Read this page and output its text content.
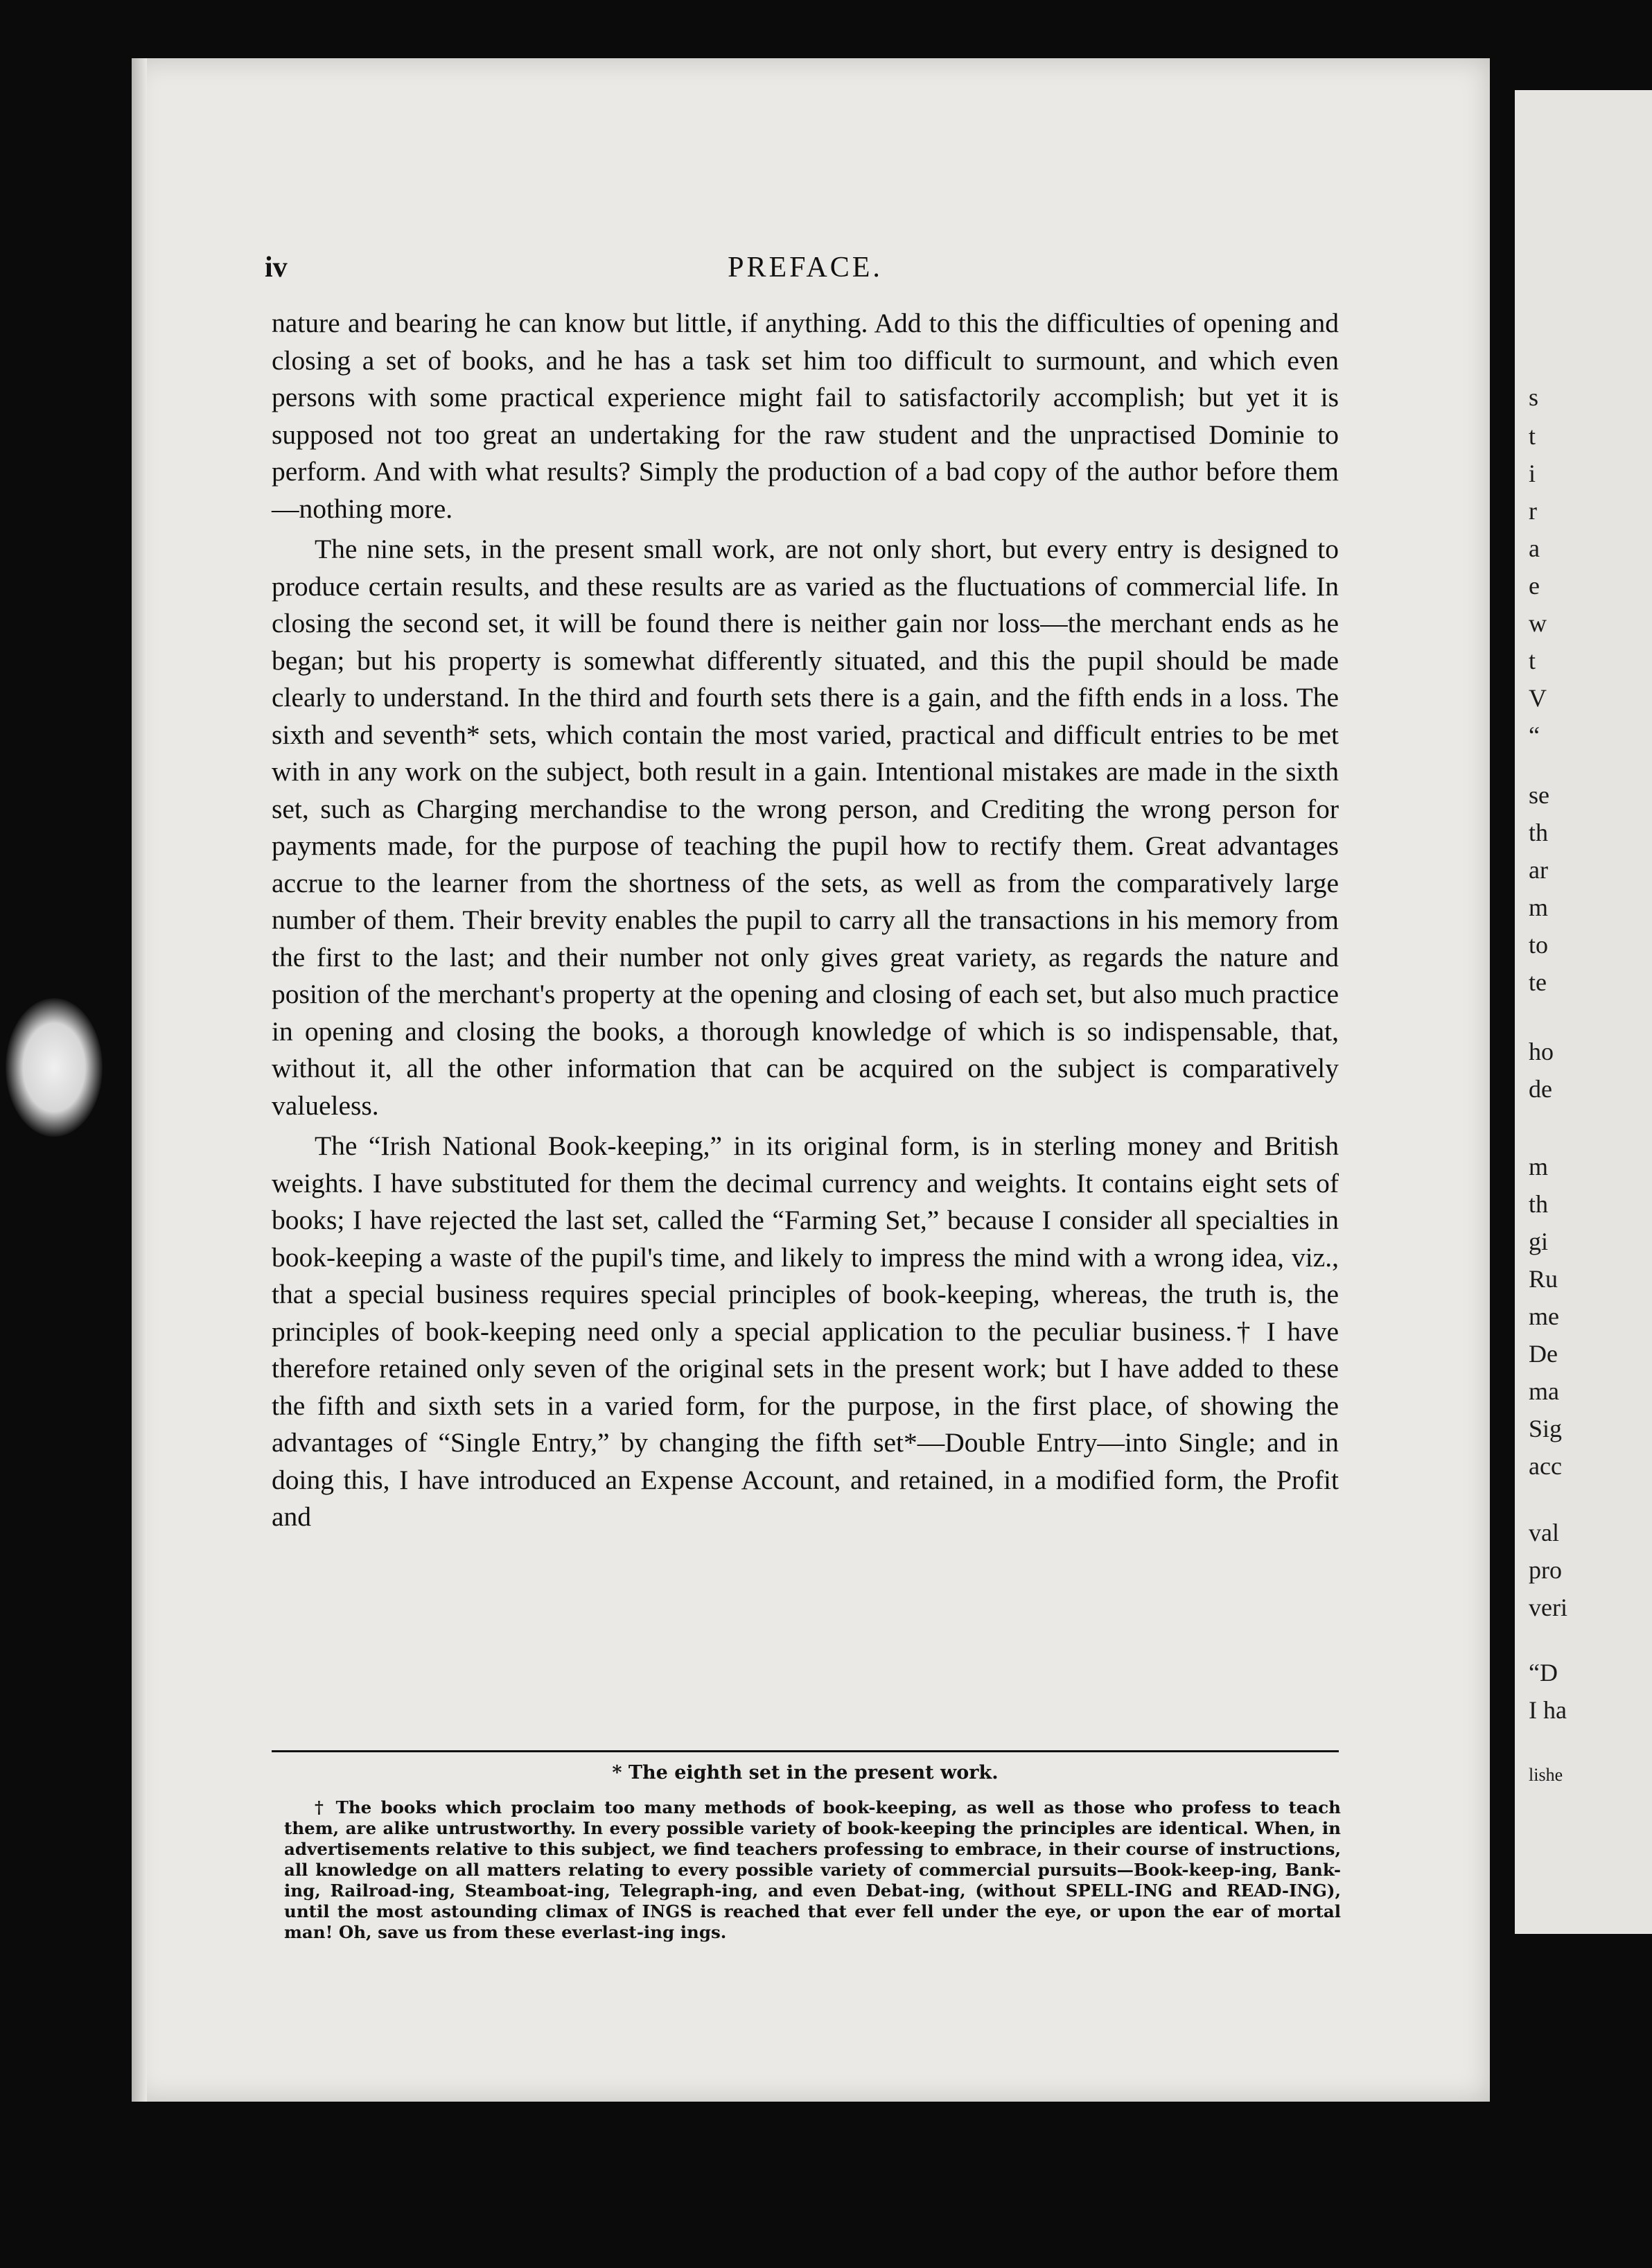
s
t
i
r
a
e
w
t
V
“
se
th
ar
m
to
te
ho
de
m
th
gi
Ru
me
De
ma
Sig
acc
val
pro
veri
“D
I ha
lishe
iv	PREFACE.

nature and bearing he can know but little, if anything. Add to this the difficulties of opening and closing a set of books, and he has a task set him too difficult to surmount, and which even persons with some practical experience might fail to satisfactorily accomplish; but yet it is supposed not too great an undertaking for the raw student and the unpractised Dominie to perform. And with what results? Simply the production of a bad copy of the author before them—nothing more.

The nine sets, in the present small work, are not only short, but every entry is designed to produce certain results, and these results are as varied as the fluctuations of commercial life. In closing the second set, it will be found there is neither gain nor loss—the merchant ends as he began; but his property is somewhat differently situated, and this the pupil should be made clearly to understand. In the third and fourth sets there is a gain, and the fifth ends in a loss. The sixth and seventh* sets, which contain the most varied, practical and difficult entries to be met with in any work on the subject, both result in a gain. Intentional mistakes are made in the sixth set, such as Charging merchandise to the wrong person, and Crediting the wrong person for payments made, for the purpose of teaching the pupil how to rectify them. Great advantages accrue to the learner from the shortness of the sets, as well as from the comparatively large number of them. Their brevity enables the pupil to carry all the transactions in his memory from the first to the last; and their number not only gives great variety, as regards the nature and position of the merchant's property at the opening and closing of each set, but also much practice in opening and closing the books, a thorough knowledge of which is so indispensable, that, without it, all the other information that can be acquired on the subject is comparatively valueless.

The “Irish National Book-keeping,” in its original form, is in sterling money and British weights. I have substituted for them the decimal currency and weights. It contains eight sets of books; I have rejected the last set, called the “Farming Set,” because I consider all specialties in book-keeping a waste of the pupil's time, and likely to impress the mind with a wrong idea, viz., that a special business requires special principles of book-keeping, whereas, the truth is, the principles of book-keeping need only a special application to the peculiar business.† I have therefore retained only seven of the original sets in the present work; but I have added to these the fifth and sixth sets in a varied form, for the purpose, in the first place, of showing the advantages of “Single Entry,” by changing the fifth set*—Double Entry—into Single; and in doing this, I have introduced an Expense Account, and retained, in a modified form, the Profit and

* The eighth set in the present work.
† The books which proclaim too many methods of book-keeping, as well as those who profess to teach them, are alike untrustworthy. In every possible variety of book-keeping the principles are identical. When, in advertisements relative to this subject, we find teachers professing to embrace, in their course of instructions, all knowledge on all matters relating to every possible variety of commercial pursuits—Book-keep-ing, Bank-ing, Railroad-ing, Steamboat-ing, Telegraph-ing, and even Debat-ing, (without SPELL-ING and READ-ING), until the most astounding climax of INGS is reached that ever fell under the eye, or upon the ear of mortal man! Oh, save us from these everlast-ing ings.
